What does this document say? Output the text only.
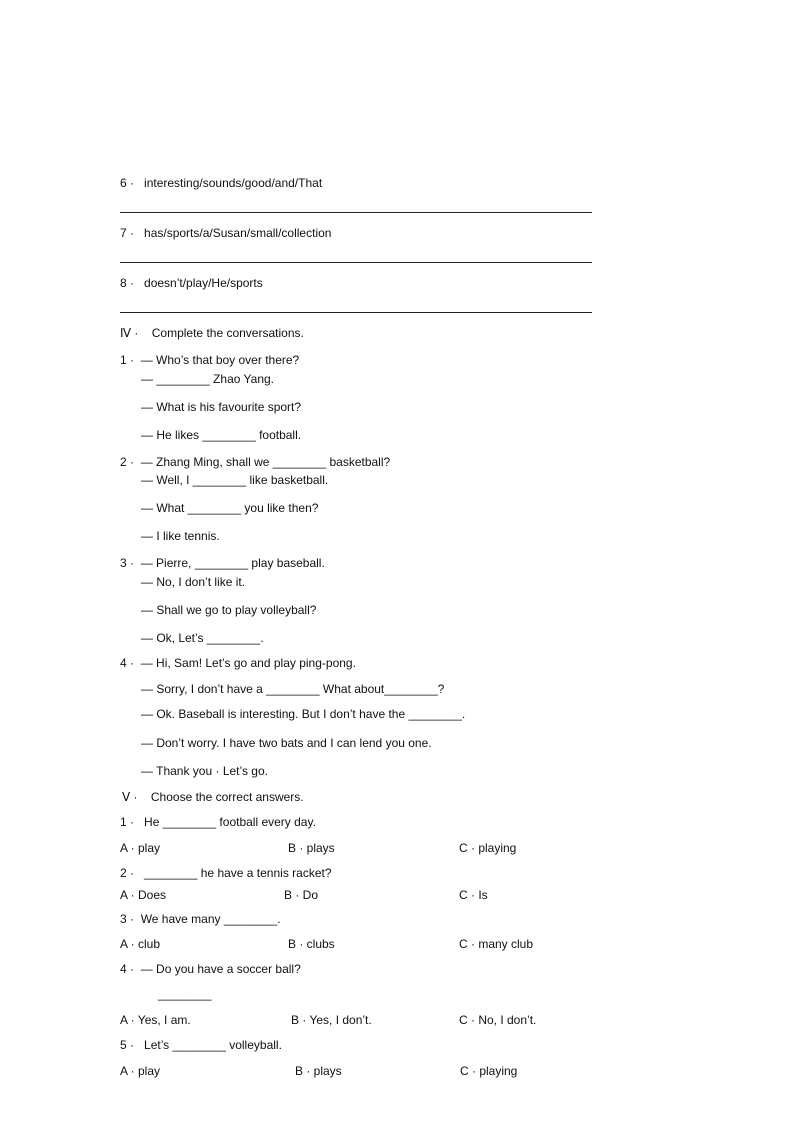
6 · interesting/sounds/good/and/That
7 · has/sports/a/Susan/small/collection
8 · doesn’t/play/He/sports
Ⅳ · Complete the conversations.
1 · — Who’s that boy over there?
— ________ Zhao Yang.
— What is his favourite sport?
— He likes ________ football.
2 · — Zhang Ming, shall we ________ basketball?
— Well, I ________ like basketball.
— What ________ you like then?
— I like tennis.
3 · — Pierre, ________ play baseball.
— No, I don’t like it.
— Shall we go to play volleyball?
— Ok, Let’s ________.
4 · — Hi, Sam! Let’s go and play ping-pong.
— Sorry, I don’t have a ________ What about________?
— Ok. Baseball is interesting. But I don’t have the ________.
— Don’t worry. I have two bats and I can lend you one.
— Thank you · Let’s go.
Ⅴ · Choose the correct answers.
1 · He ________ football every day.
A · play	B · plays	C · playing
2 · ________ he have a tennis racket?
A · Does	B · Do	C · Is
3 · We have many ________.
A · club	B · clubs	C · many club
4 · — Do you have a soccer ball?
________
A · Yes, I am.	B · Yes, I don’t.	C · No, I don’t.
5 · Let’s ________ volleyball.
A · play	B · plays	C · playing
